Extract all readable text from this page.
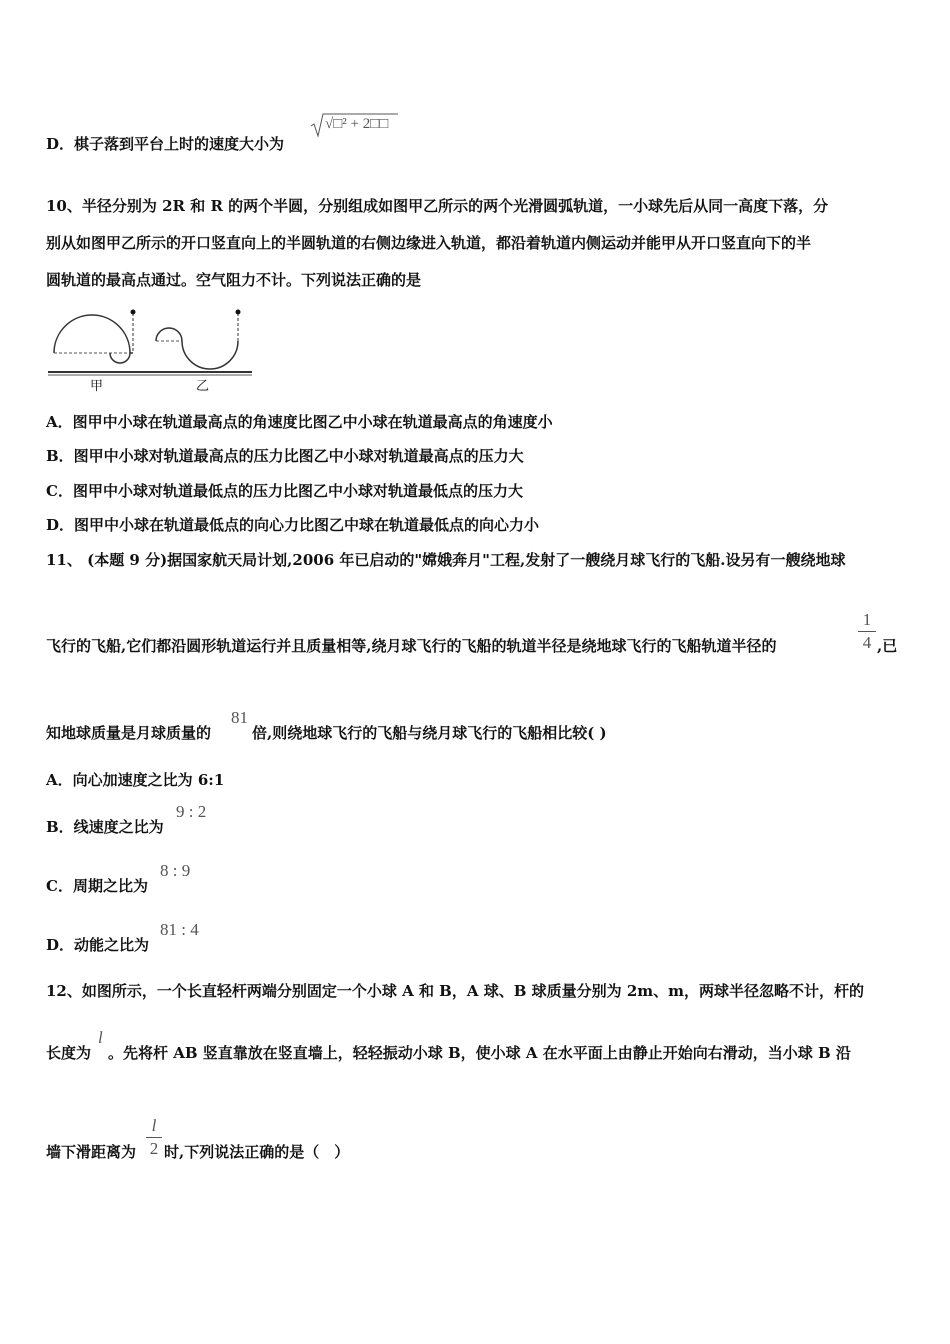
D．棋子落到平台上时的速度大小为
√□² + 2□□
10、半径分别为 2R 和 R 的两个半圆，分别组成如图甲乙所示的两个光滑圆弧轨道，一小球先后从同一高度下落，分
别从如图甲乙所示的开口竖直向上的半圆轨道的右侧边缘进入轨道，都沿着轨道内侧运动并能甲从开口竖直向下的半
圆轨道的最高点通过。空气阻力不计。下列说法正确的是
甲	乙
A．图甲中小球在轨道最高点的角速度比图乙中小球在轨道最高点的角速度小
B．图甲中小球对轨道最高点的压力比图乙中小球对轨道最高点的压力大
C．图甲中小球对轨道最低点的压力比图乙中小球对轨道最低点的压力大
D．图甲中小球在轨道最低点的向心力比图乙中球在轨道最低点的向心力小
11、 (本题 9 分)据国家航天局计划,2006 年已启动的"嫦娥奔月"工程,发射了一艘绕月球飞行的飞船.设另有一艘绕地球
飞行的飞船,它们都沿圆形轨道运行并且质量相等,绕月球飞行的飞船的轨道半径是绕地球飞行的飞船轨道半径的
1
4 ,已
知地球质量是月球质量的
81
倍,则绕地球飞行的飞船与绕月球飞行的飞船相比较( )
A．向心加速度之比为 6:1
B．线速度之比为
9 : 2
C．周期之比为
8 : 9
D．动能之比为
81 : 4
12、如图所示，一个长直轻杆两端分别固定一个小球 A 和 B，A 球、B 球质量分别为 2m、m，两球半径忽略不计，杆的
长度为
l
。先将杆 AB 竖直靠放在竖直墙上，轻轻振动小球 B，使小球 A 在水平面上由静止开始向右滑动，当小球 B 沿
墙下滑距离为
l
2 时,下列说法正确的是（　）
